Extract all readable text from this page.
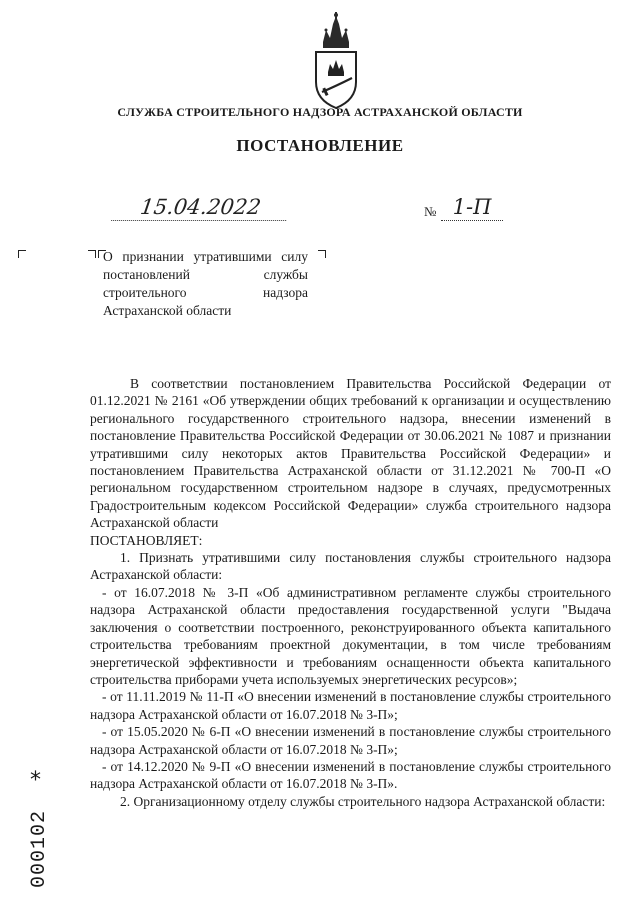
СЛУЖБА СТРОИТЕЛЬНОГО НАДЗОРА АСТРАХАНСКОЙ ОБЛАСТИ
ПОСТАНОВЛЕНИЕ
15.04.2022	№ 1-П
О признании утратившими силу постановлений службы строительного надзора Астраханской области

В соответствии постановлением Правительства Российской Федерации от 01.12.2021 № 2161 «Об утверждении общих требований к организации и осуществлению регионального государственного строительного надзора, внесении изменений в постановление Правительства Российской Федерации от 30.06.2021 № 1087 и признании утратившими силу некоторых актов Правительства Российской Федерации» и постановлением Правительства Астраханской области от 31.12.2021 № 700-П «О региональном государственном строительном надзоре в случаях, предусмотренных Градостроительным кодексом Российской Федерации» служба строительного надзора Астраханской области

ПОСТАНОВЛЯЕТ:

1. Признать утратившими силу постановления службы строительного надзора Астраханской области:

- от 16.07.2018 № 3-П «Об административном регламенте службы строительного надзора Астраханской области предоставления государственной услуги "Выдача заключения о соответствии построенного, реконструированного объекта капитального строительства требованиям проектной документации, в том числе требованиям энергетической эффективности и требованиям оснащенности объекта капитального строительства приборами учета используемых энергетических ресурсов»;

- от 11.11.2019 № 11-П «О внесении изменений в постановление службы строительного надзора Астраханской области от 16.07.2018 № 3-П»;

- от 15.05.2020 № 6-П «О внесении изменений в постановление службы строительного надзора Астраханской области от 16.07.2018 № 3-П»;

- от 14.12.2020 № 9-П «О внесении изменений в постановление службы строительного надзора Астраханской области от 16.07.2018 № 3-П».

2. Организационному отделу службы строительного надзора Астраханской области:

*
000102
